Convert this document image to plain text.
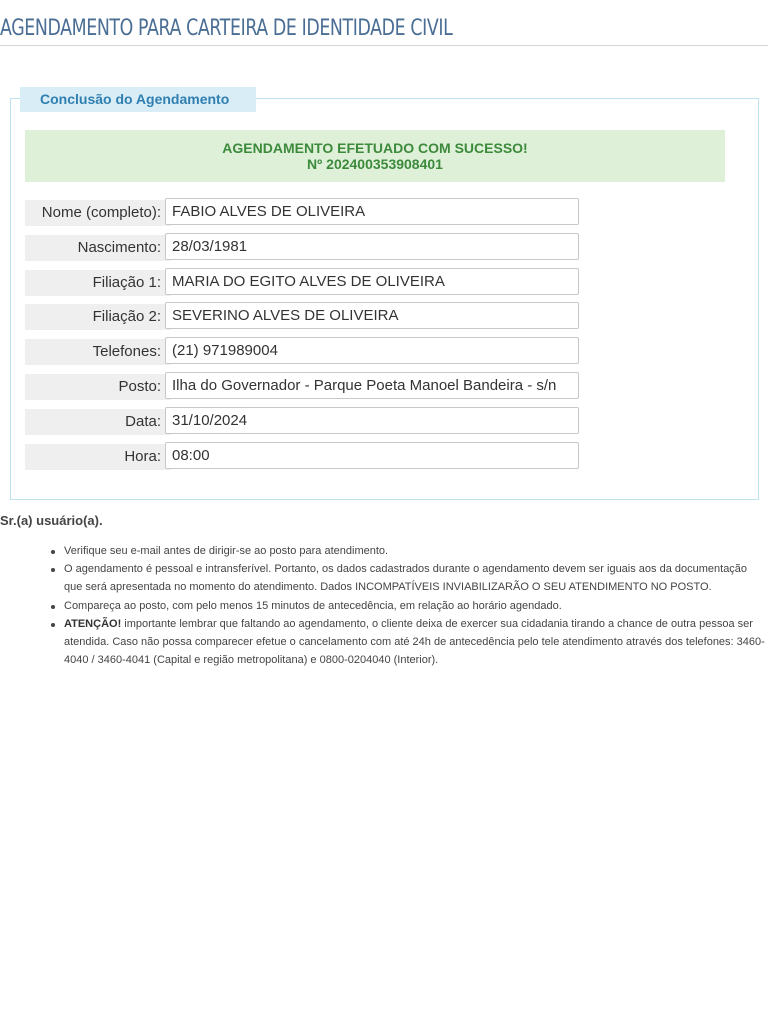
AGENDAMENTO PARA CARTEIRA DE IDENTIDADE CIVIL
Conclusão do Agendamento
AGENDAMENTO EFETUADO COM SUCESSO!
Nº 202400353908401
Nome (completo): FABIO ALVES DE OLIVEIRA
Nascimento: 28/03/1981
Filiação 1: MARIA DO EGITO ALVES DE OLIVEIRA
Filiação 2: SEVERINO ALVES DE OLIVEIRA
Telefones: (21) 971989004
Posto: Ilha do Governador - Parque Poeta Manoel Bandeira - s/n
Data: 31/10/2024
Hora: 08:00
Sr.(a) usuário(a).
Verifique seu e-mail antes de dirigir-se ao posto para atendimento.
O agendamento é pessoal e intransferível. Portanto, os dados cadastrados durante o agendamento devem ser iguais aos da documentação que será apresentada no momento do atendimento. Dados INCOMPATÍVEIS INVIABILIZARÃO O SEU ATENDIMENTO NO POSTO.
Compareça ao posto, com pelo menos 15 minutos de antecedência, em relação ao horário agendado.
ATENÇÃO! importante lembrar que faltando ao agendamento, o cliente deixa de exercer sua cidadania tirando a chance de outra pessoa ser atendida. Caso não possa comparecer efetue o cancelamento com até 24h de antecedência pelo tele atendimento através dos telefones: 3460-4040 / 3460-4041 (Capital e região metropolitana) e 0800-0204040 (Interior).
